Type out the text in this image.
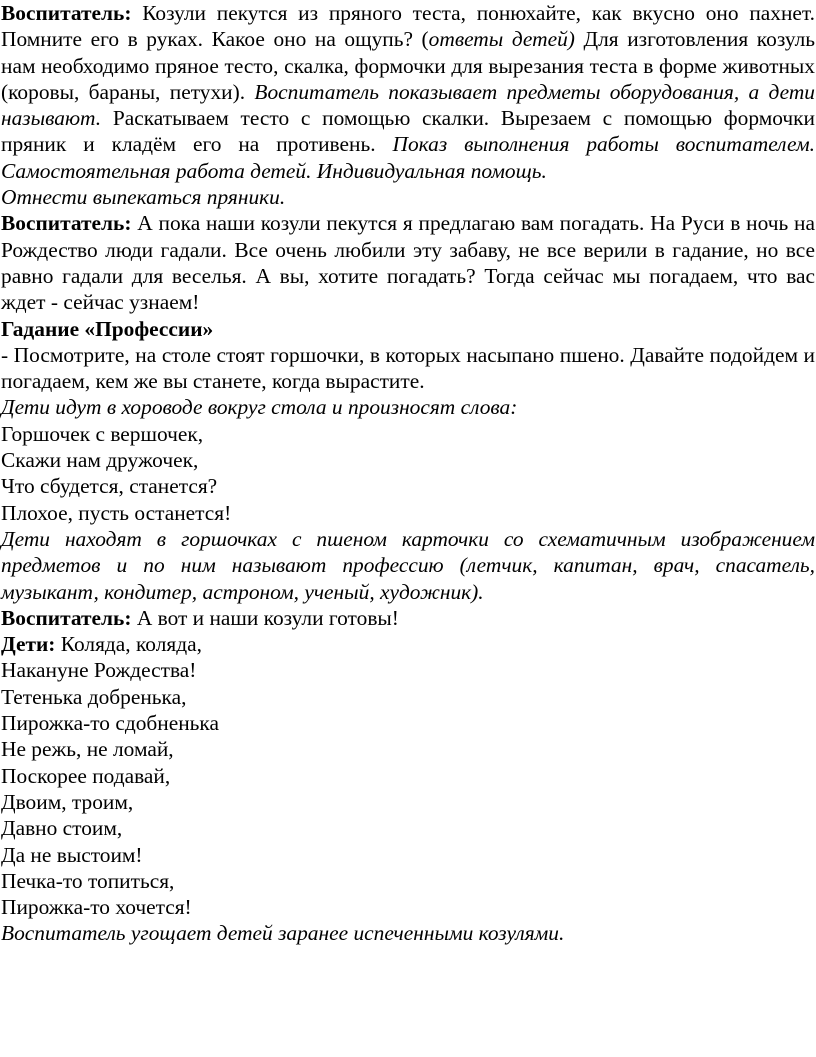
Воспитатель: Козули пекутся из пряного теста, понюхайте, как вкусно оно пахнет. Помните его в руках. Какое оно на ощупь? (ответы детей) Для изготовления козуль нам необходимо пряное тесто, скалка, формочки для вырезания теста в форме животных (коровы, бараны, петухи). Воспитатель показывает предметы оборудования, а дети называют. Раскатываем тесто с помощью скалки. Вырезаем с помощью формочки пряник и кладём его на противень. Показ выполнения работы воспитателем. Самостоятельная работа детей. Индивидуальная помощь.

Отнести выпекаться пряники.

Воспитатель: А пока наши козули пекутся я предлагаю вам погадать. На Руси в ночь на Рождество люди гадали. Все очень любили эту забаву, не все верили в гадание, но все равно гадали для веселья. А вы, хотите погадать? Тогда сейчас мы погадаем, что вас ждет - сейчас узнаем!

Гадание «Профессии»

- Посмотрите, на столе стоят горшочки, в которых насыпано пшено. Давайте подойдем и погадаем, кем же вы станете, когда вырастите.

Дети идут в хороводе вокруг стола и произносят слова:

Горшочек с вершочек,

Скажи нам дружочек,

Что сбудется, станется?

Плохое, пусть останется!

Дети находят в горшочках с пшеном карточки со схематичным изображением предметов и по ним называют профессию (летчик, капитан, врач, спасатель, музыкант, кондитер, астроном, ученый, художник).

Воспитатель: А вот и наши козули готовы!

Дети: Коляда, коляда,

Накануне Рождества!

Тетенька добренька,

Пирожка-то сдобненька

Не режь, не ломай,

Поскорее подавай,

Двоим, троим,

Давно стоим,

Да не выстоим!

Печка-то топиться,

Пирожка-то хочется!

Воспитатель угощает детей заранее испеченными козулями.
